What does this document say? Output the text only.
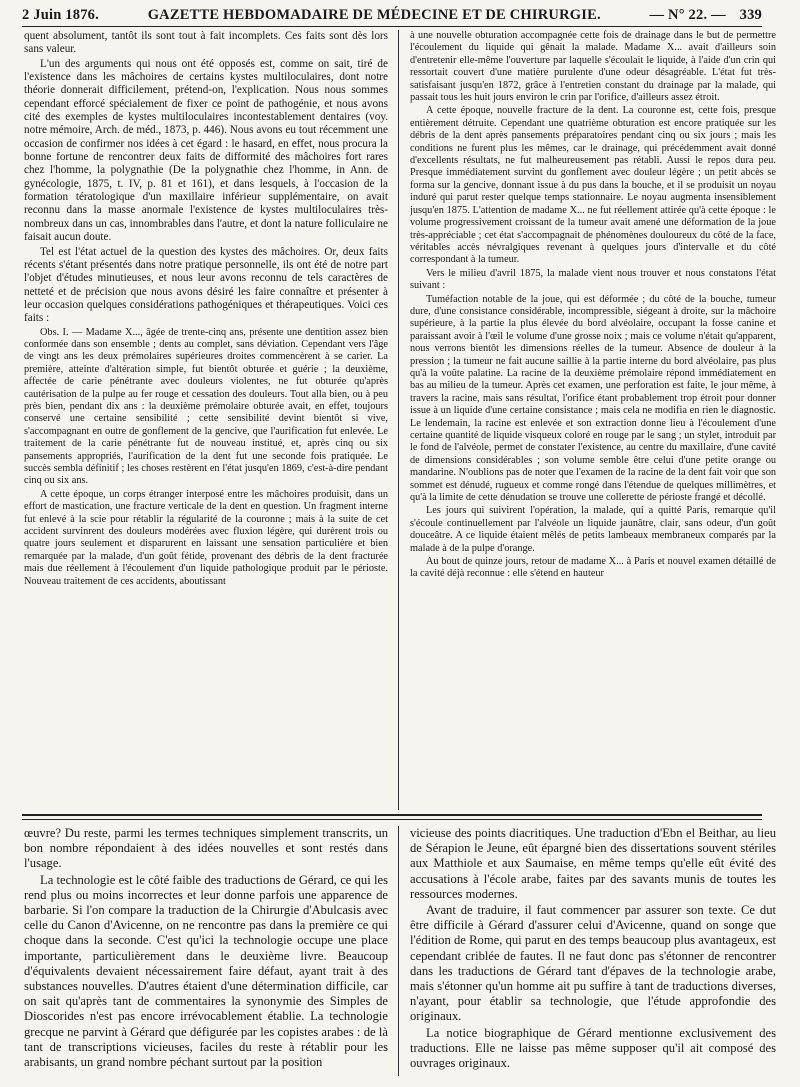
2 Juin 1876.	GAZETTE HEBDOMADAIRE DE MÉDECINE ET DE CHIRURGIE.	— N° 22. — 339

quent absolument, tantôt ils sont tout à fait incomplets. Ces faits sont dès lors sans valeur.

L'un des arguments qui nous ont été opposés est, comme on sait, tiré de l'existence dans les mâchoires de certains kystes multiloculaires, dont notre théorie donnerait difficilement, prétend-on, l'explication. Nous nous sommes cependant efforcé spécialement de fixer ce point de pathogénie, et nous avons cité des exemples de kystes multiloculaires incontestablement dentaires (voy. notre mémoire, Arch. de méd., 1873, p. 446). Nous avons eu tout récemment une occasion de confirmer nos idées à cet égard : le hasard, en effet, nous procura la bonne fortune de rencontrer deux faits de difformité des mâchoires fort rares chez l'homme, la polygnathie (De la polygnathie chez l'homme, in Ann. de gynécologie, 1875, t. IV, p. 81 et 161), et dans lesquels, à l'occasion de la formation tératologique d'un maxillaire inférieur supplémentaire, on avait reconnu dans la masse anormale l'existence de kystes multiloculaires très-nombreux dans un cas, innombrables dans l'autre, et dont la nature folliculaire ne faisait aucun doute.

Tel est l'état actuel de la question des kystes des mâchoires. Or, deux faits récents s'étant présentés dans notre pratique personnelle, ils ont été de notre part l'objet d'études minutieuses, et nous leur avons reconnu de tels caractères de netteté et de précision que nous avons désiré les faire connaître et présenter à leur occasion quelques considérations pathogéniques et thérapeutiques. Voici ces faits :

Obs. I. — Madame X..., âgée de trente-cinq ans, présente une dentition assez bien conformée dans son ensemble ; dents au complet, sans déviation. Cependant vers l'âge de vingt ans les deux prémolaires supérieures droites commencèrent à se carier. La première, atteinte d'altération simple, fut bientôt obturée et guérie ; la deuxième, affectée de carie pénétrante avec douleurs violentes, ne fut obturée qu'après cautérisation de la pulpe au fer rouge et cessation des douleurs. Tout alla bien, ou à peu près bien, pendant dix ans : la deuxième prémolaire obturée avait, en effet, toujours conservé une certaine sensibilité ; cette sensibilité devint bientôt si vive, s'accompagnant en outre de gonflement de la gencive, que l'aurification fut enlevée. Le traitement de la carie pénétrante fut de nouveau institué, et, après cinq ou six pansements appropriés, l'aurification de la dent fut une seconde fois pratiquée. Le succès sembla définitif ; les choses restèrent en l'état jusqu'en 1869, c'est-à-dire pendant cinq ou six ans.

A cette époque, un corps étranger interposé entre les mâchoires produisit, dans un effort de mastication, une fracture verticale de la dent en question. Un fragment interne fut enlevé à la scie pour rétablir la régularité de la couronne ; mais à la suite de cet accident survinrent des douleurs modérées avec fluxion légère, qui durèrent trois ou quatre jours seulement et disparurent en laissant une sensation particulière et bien remarquée par la malade, d'un goût fétide, provenant des débris de la dent fracturée mais due réellement à l'écoulement d'un liquide pathologique produit par le périoste. Nouveau traitement de ces accidents, aboutissant

à une nouvelle obturation accompagnée cette fois de drainage dans le but de permettre l'écoulement du liquide qui gênait la malade. Madame X... avait d'ailleurs soin d'entretenir elle-même l'ouverture par laquelle s'écoulait le liquide, à l'aide d'un crin qui ressortait couvert d'une matière purulente d'une odeur désagréable. L'état fut très-satisfaisant jusqu'en 1872, grâce à l'entretien constant du drainage par la malade, qui passait tous les huit jours environ le crin par l'orifice, d'ailleurs assez étroit.

A cette époque, nouvelle fracture de la dent. La couronne est, cette fois, presque entièrement détruite. Cependant une quatrième obturation est encore pratiquée sur les débris de la dent après pansements préparatoires pendant cinq ou six jours ; mais les conditions ne furent plus les mêmes, car le drainage, qui précédemment avait donné d'excellents résultats, ne fut malheureusement pas rétabli. Aussi le repos dura peu. Presque immédiatement survint du gonflement avec douleur légère ; un petit abcès se forma sur la gencive, donnant issue à du pus dans la bouche, et il se produisit un noyau induré qui parut rester quelque temps stationnaire. Le noyau augmenta insensiblement jusqu'en 1875. L'attention de madame X... ne fut réellement attirée qu'à cette époque : le volume progressivement croissant de la tumeur avait amené une déformation de la joue très-appréciable ; cet état s'accompagnait de phénomènes douloureux du côté de la face, véritables accès névralgiques revenant à quelques jours d'intervalle et du côté correspondant à la tumeur.

Vers le milieu d'avril 1875, la malade vient nous trouver et nous constatons l'état suivant :

Tuméfaction notable de la joue, qui est déformée ; du côté de la bouche, tumeur dure, d'une consistance considérable, incompressible, siégeant à droite, sur la mâchoire supérieure, à la partie la plus élevée du bord alvéolaire, occupant la fosse canine et paraissant avoir à l'œil le volume d'une grosse noix ; mais ce volume n'était qu'apparent, nous verrons bientôt les dimensions réelles de la tumeur. Absence de douleur à la pression ; la tumeur ne fait aucune saillie à la partie interne du bord alvéolaire, pas plus qu'à la voûte palatine. La racine de la deuxième prémolaire répond immédiatement en bas au milieu de la tumeur. Après cet examen, une perforation est faite, le jour même, à travers la racine, mais sans résultat, l'orifice étant probablement trop étroit pour donner issue à un liquide d'une certaine consistance ; mais cela ne modifia en rien le diagnostic. Le lendemain, la racine est enlevée et son extraction donne lieu à l'écoulement d'une certaine quantité de liquide visqueux coloré en rouge par le sang ; un stylet, introduit par le fond de l'alvéole, permet de constater l'existence, au centre du maxillaire, d'une cavité de dimensions considérables ; son volume semble être celui d'une petite orange ou mandarine. N'oublions pas de noter que l'examen de la racine de la dent fait voir que son sommet est dénudé, rugueux et comme rongé dans l'étendue de quelques millimètres, et qu'à la limite de cette dénudation se trouve une collerette de périoste frangé et décollé.

Les jours qui suivirent l'opération, la malade, qui a quitté Paris, remarque qu'il s'écoule continuellement par l'alvéole un liquide jaunâtre, clair, sans odeur, d'un goût douceâtre. A ce liquide étaient mêlés de petits lambeaux membraneux comparés par la malade à de la pulpe d'orange.

Au bout de quinze jours, retour de madame X... à Paris et nouvel examen détaillé de la cavité déjà reconnue : elle s'étend en hauteur

œuvre? Du reste, parmi les termes techniques simplement transcrits, un bon nombre répondaient à des idées nouvelles et sont restés dans l'usage.

La technologie est le côté faible des traductions de Gérard, ce qui les rend plus ou moins incorrectes et leur donne parfois une apparence de barbarie. Si l'on compare la traduction de la Chirurgie d'Abulcasis avec celle du Canon d'Avicenne, on ne rencontre pas dans la première ce qui choque dans la seconde. C'est qu'ici la technologie occupe une place importante, particulièrement dans le deuxième livre. Beaucoup d'équivalents devaient nécessairement faire défaut, ayant trait à des substances nouvelles. D'autres étaient d'une détermination difficile, car on sait qu'après tant de commentaires la synonymie des Simples de Dioscorides n'est pas encore irrévocablement établie. La technologie grecque ne parvint à Gérard que défigurée par les copistes arabes : de là tant de transcriptions vicieuses, faciles du reste à rétablir pour les arabisants, un grand nombre péchant surtout par la position

vicieuse des points diacritiques. Une traduction d'Ebn el Beithar, au lieu de Sérapion le Jeune, eût épargné bien des dissertations souvent stériles aux Matthiole et aux Saumaise, en même temps qu'elle eût évité des accusations à l'école arabe, faites par des savants munis de toutes les ressources modernes.

Avant de traduire, il faut commencer par assurer son texte. Ce dut être difficile à Gérard d'assurer celui d'Avicenne, quand on songe que l'édition de Rome, qui parut en des temps beaucoup plus avantageux, est cependant criblée de fautes. Il ne faut donc pas s'étonner de rencontrer dans les traductions de Gérard tant d'épaves de la technologie arabe, mais s'étonner qu'un homme ait pu suffire à tant de traductions diverses, n'ayant, pour établir sa technologie, que l'étude approfondie des originaux.

La notice biographique de Gérard mentionne exclusivement des traductions. Elle ne laisse pas même supposer qu'il ait composé des ouvrages originaux.
